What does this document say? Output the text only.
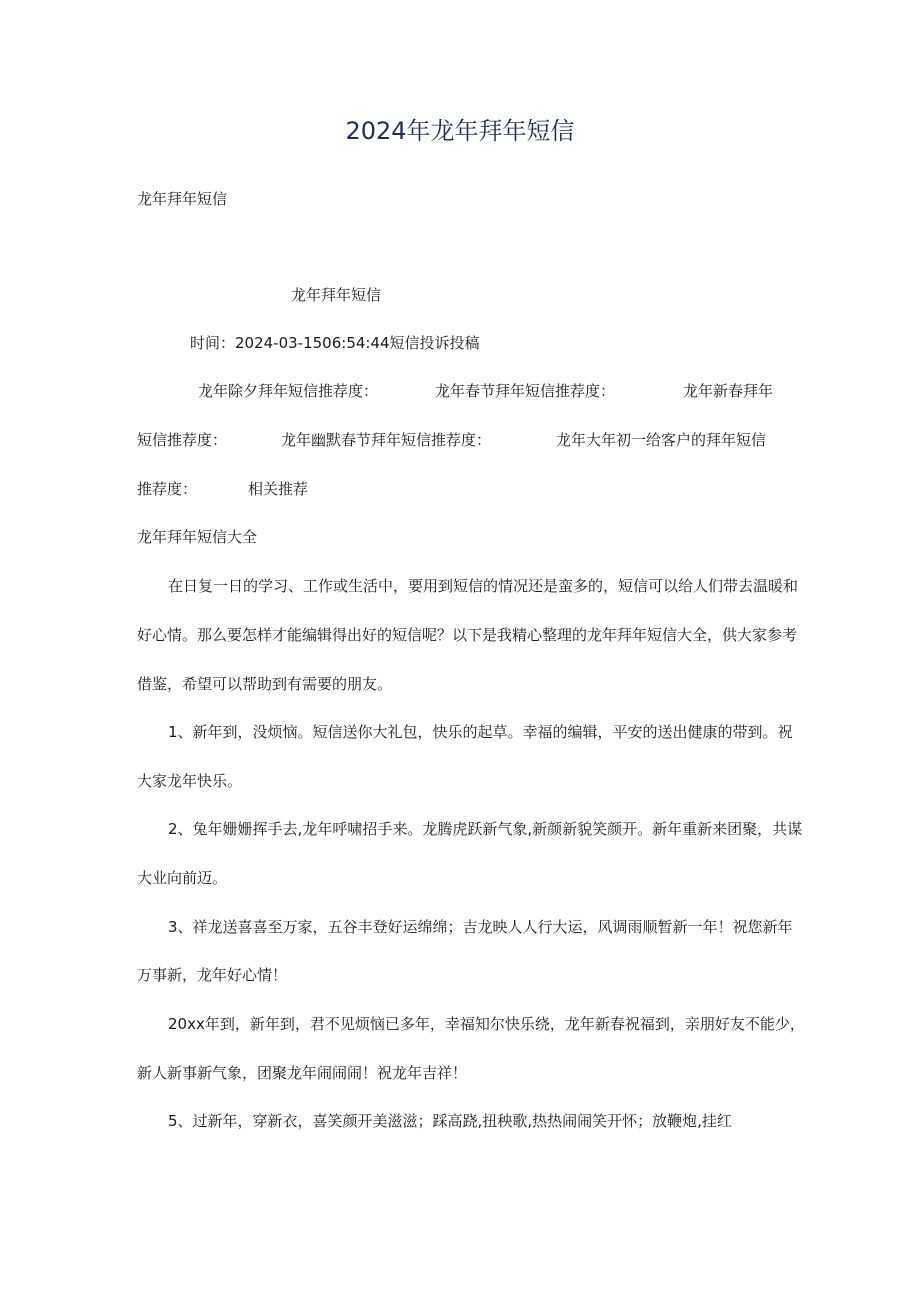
2024年龙年拜年短信
龙年拜年短信
龙年拜年短信
时间：2024-03-1506:54:44短信投诉投稿
龙年除夕拜年短信推荐度：	龙年春节拜年短信推荐度：	龙年新春拜年
短信推荐度：	龙年幽默春节拜年短信推荐度：	龙年大年初一给客户的拜年短信
推荐度：	相关推荐
龙年拜年短信大全
在日复一日的学习、工作或生活中，要用到短信的情况还是蛮多的，短信可以给人们带去温暖和
好心情。那么要怎样才能编辑得出好的短信呢？以下是我精心整理的龙年拜年短信大全，供大家参考
借鉴，希望可以帮助到有需要的朋友。
1、新年到，没烦恼。短信送你大礼包，快乐的起草。幸福的编辑，平安的送出健康的带到。祝
大家龙年快乐。
2、兔年姗姗挥手去,龙年呼啸招手来。龙腾虎跃新气象,新颜新貌笑颜开。新年重新来团聚，共谋
大业向前迈。
3、祥龙送喜喜至万家，五谷丰登好运绵绵；吉龙映人人行大运，风调雨顺暂新一年！祝您新年
万事新，龙年好心情！
20xx年到，新年到，君不见烦恼已多年，幸福知尔快乐绕，龙年新春祝福到，亲朋好友不能少，
新人新事新气象，团聚龙年闹闹闹！祝龙年吉祥！
5、过新年，穿新衣，喜笑颜开美滋滋；踩高跷,扭秧歌,热热闹闹笑开怀；放鞭炮,挂红
